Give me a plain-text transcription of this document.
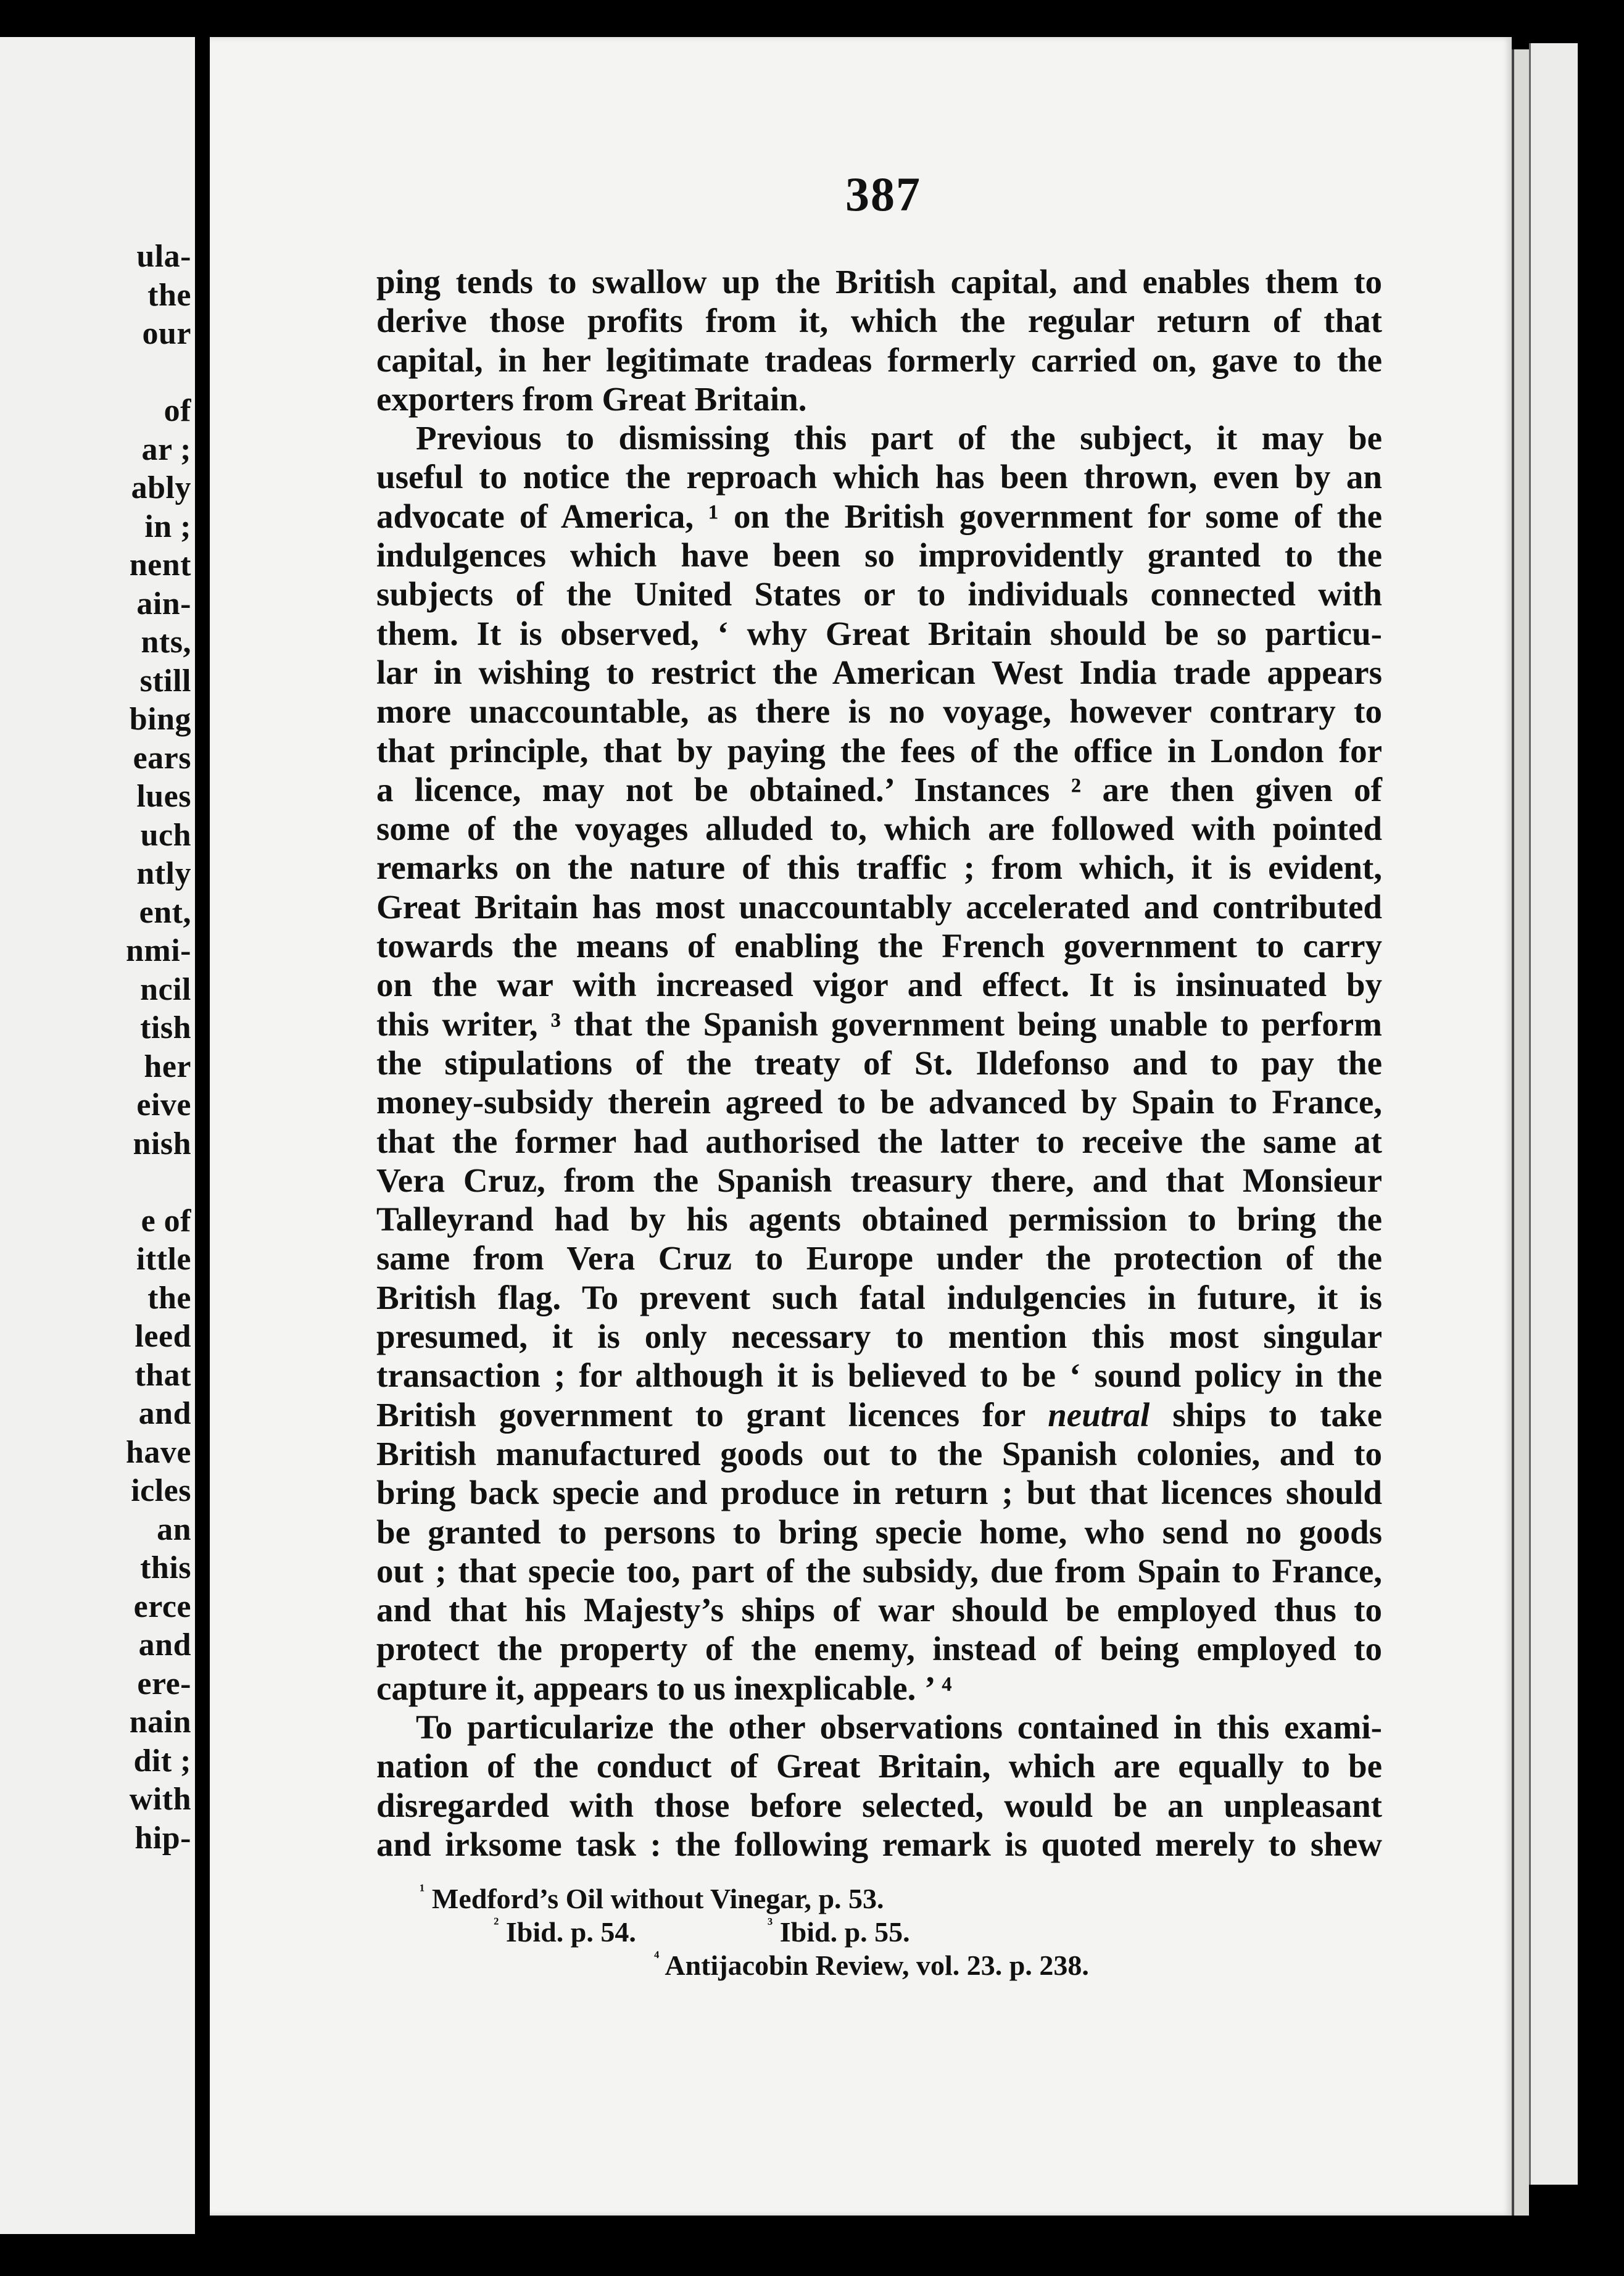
ula-
the
our
of
ar ;
ably
in ;
nent
ain-
nts,
still
bing
ears
lues
uch
ntly
ent,
nmi-
ncil
tish
her
eive
nish
e of
ittle
the
leed
that
and
have
icles
an
this
erce
and
ere-
nain
dit ;
with
hip-
387
ping tends to swallow up the British capital, and enables them to
derive those profits from it, which the regular return of that
capital, in her legitimate tradeas formerly carried on, gave to the
exporters from Great Britain.
Previous to dismissing this part of the subject, it may be
useful to notice the reproach which has been thrown, even by an
advocate of America, ¹ on the British government for some of the
indulgences which have been so improvidently granted to the
subjects of the United States or to individuals connected with
them. It is observed, ‘ why Great Britain should be so particu-
lar in wishing to restrict the American West India trade appears
more unaccountable, as there is no voyage, however contrary to
that principle, that by paying the fees of the office in London for
a licence, may not be obtained.’ Instances ² are then given of
some of the voyages alluded to, which are followed with pointed
remarks on the nature of this traffic ; from which, it is evident,
Great Britain has most unaccountably accelerated and contributed
towards the means of enabling the French government to carry
on the war with increased vigor and effect. It is insinuated by
this writer, ³ that the Spanish government being unable to perform
the stipulations of the treaty of St. Ildefonso and to pay the
money-subsidy therein agreed to be advanced by Spain to France,
that the former had authorised the latter to receive the same at
Vera Cruz, from the Spanish treasury there, and that Monsieur
Talleyrand had by his agents obtained permission to bring the
same from Vera Cruz to Europe under the protection of the
British flag. To prevent such fatal indulgencies in future, it is
presumed, it is only necessary to mention this most singular
transaction ; for although it is believed to be ‘ sound policy in the
British government to grant licences for neutral ships to take
British manufactured goods out to the Spanish colonies, and to
bring back specie and produce in return ; but that licences should
be granted to persons to bring specie home, who send no goods
out ; that specie too, part of the subsidy, due from Spain to France,
and that his Majesty’s ships of war should be employed thus to
protect the property of the enemy, instead of being employed to
capture it, appears to us inexplicable. ’ ⁴
To particularize the other observations contained in this exami-
nation of the conduct of Great Britain, which are equally to be
disregarded with those before selected, would be an unpleasant
and irksome task : the following remark is quoted merely to shew
$^{^1}$ Medford’s Oil without Vinegar, p. 53.
$^{^2}$ Ibid. p. 54.	$^{^3}$ Ibid. p. 55.
$^{^4}$ Antijacobin Review, vol. 23. p. 238.
